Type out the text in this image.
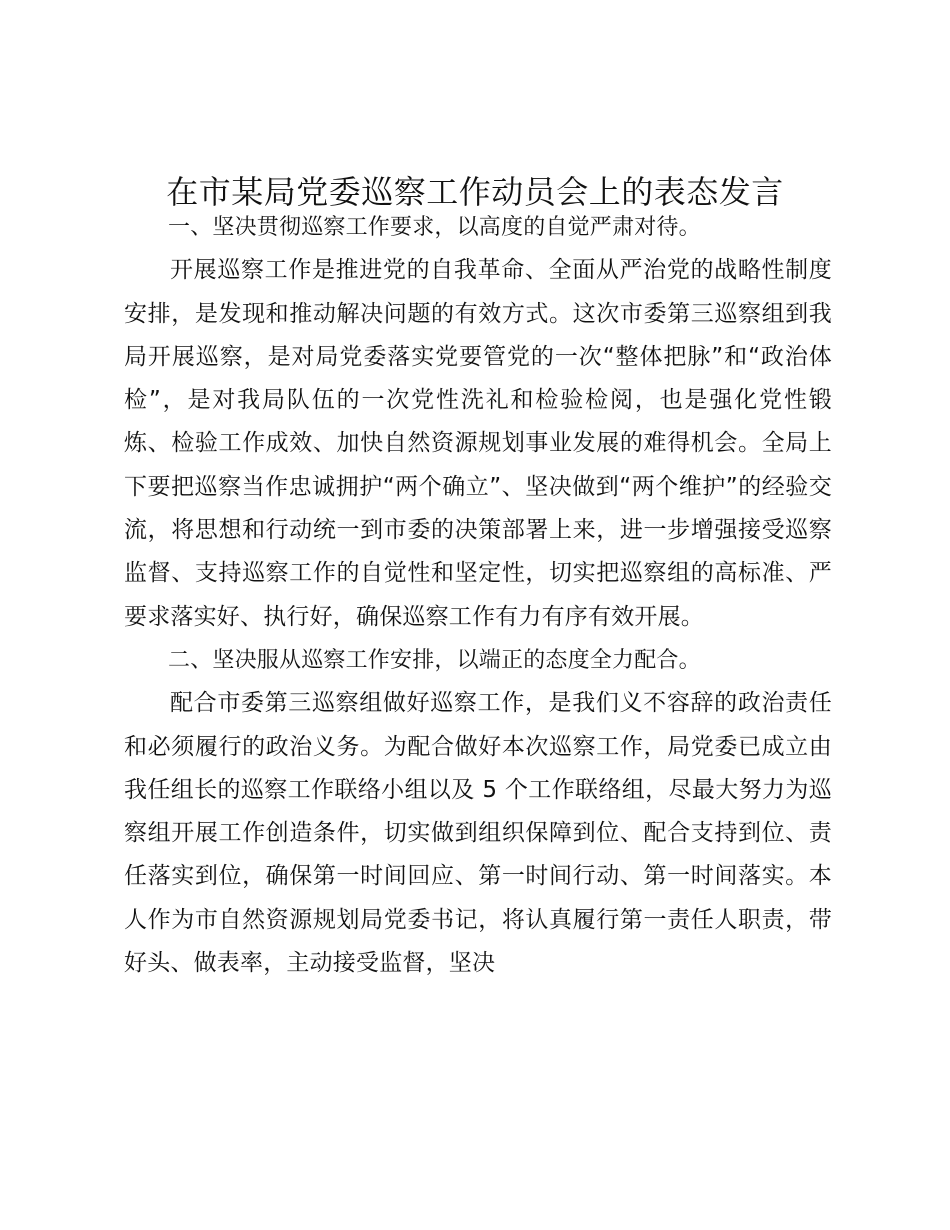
在市某局党委巡察工作动员会上的表态发言

一、坚决贯彻巡察工作要求，以高度的自觉严肃对待。

开展巡察工作是推进党的自我革命、全面从严治党的战略性制度安排，是发现和推动解决问题的有效方式。这次市委第三巡察组到我局开展巡察，是对局党委落实党要管党的一次“整体把脉”和“政治体检”，是对我局队伍的一次党性洗礼和检验检阅，也是强化党性锻炼、检验工作成效、加快自然资源规划事业发展的难得机会。全局上下要把巡察当作忠诚拥护“两个确立”、坚决做到“两个维护”的经验交流，将思想和行动统一到市委的决策部署上来，进一步增强接受巡察监督、支持巡察工作的自觉性和坚定性，切实把巡察组的高标准、严要求落实好、执行好，确保巡察工作有力有序有效开展。

二、坚决服从巡察工作安排，以端正的态度全力配合。

配合市委第三巡察组做好巡察工作，是我们义不容辞的政治责任和必须履行的政治义务。为配合做好本次巡察工作，局党委已成立由我任组长的巡察工作联络小组以及 5 个工作联络组，尽最大努力为巡察组开展工作创造条件，切实做到组织保障到位、配合支持到位、责任落实到位，确保第一时间回应、第一时间行动、第一时间落实。本人作为市自然资源规划局党委书记，将认真履行第一责任人职责，带好头、做表率，主动接受监督，坚决
